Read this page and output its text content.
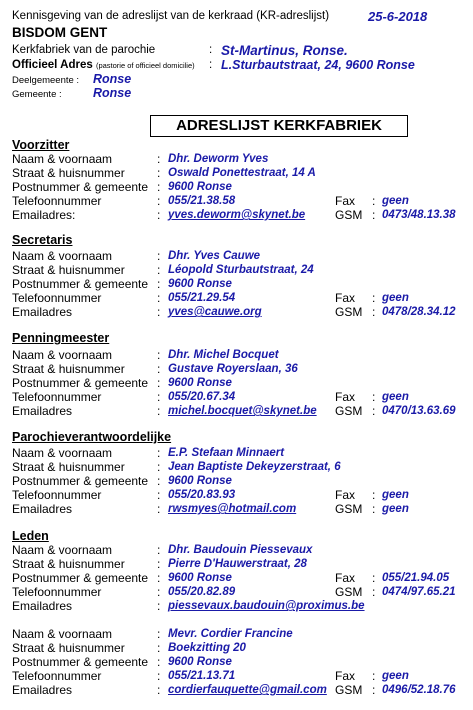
Kennisgeving van de adreslijst van de kerkraad (KR-adreslijst)	25-6-2018
BISDOM GENT
Kerkfabriek van de parochie	: St-Martinus, Ronse.
Officieel Adres (pastorie of officieel domicilie) : L.Sturbautstraat, 24, 9600 Ronse
Deelgemeente : Ronse
Gemeente :	Ronse
ADRESLIJST KERKFABRIEK
Voorzitter
Naam & voornaam	: Dhr. Deworm Yves
Straat & huisnummer	: Oswald Ponettestraat, 14 A
Postnummer & gemeente : 9600 Ronse
Telefoonnummer	: 055/21.38.58	Fax : geen
Emailadres:	: yves.deworm@skynet.be GSM : 0473/48.13.38
Secretaris
Naam & voornaam	: Dhr. Yves Cauwe
Straat & huisnummer	: Léopold Sturbautstraat, 24
Postnummer & gemeente : 9600 Ronse
Telefoonnummer	: 055/21.29.54	Fax : geen
Emailadres	: yves@cauwe.org	GSM : 0478/28.34.12
Penningmeester
Naam & voornaam	: Dhr. Michel Bocquet
Straat & huisnummer	: Gustave Royerslaan, 36
Postnummer & gemeente : 9600 Ronse
Telefoonnummer	: 055/20.67.34	Fax : geen
Emailadres	: michel.bocquet@skynet.be GSM : 0470/13.63.69
Parochieverantwoordelijke
Naam & voornaam	: E.P. Stefaan Minnaert
Straat & huisnummer	: Jean Baptiste Dekeyzerstraat, 6
Postnummer & gemeente : 9600 Ronse
Telefoonnummer	: 055/20.83.93	Fax : geen
Emailadres	: rwsmyes@hotmail.com	GSM : geen
Leden
Naam & voornaam	: Dhr. Baudouin Piessevaux
Straat & huisnummer	: Pierre D'Hauwerstraat, 28
Postnummer & gemeente : 9600 Ronse	Fax : 055/21.94.05
Telefoonnummer	: 055/20.82.89	GSM : 0474/97.65.21
Emailadres	: piessevaux.baudouin@proximus.be
Naam & voornaam	: Mevr. Cordier Francine
Straat & huisnummer	: Boekzitting 20
Postnummer & gemeente : 9600 Ronse
Telefoonnummer	: 055/21.13.71	Fax : geen
Emailadres	: cordierfauquette@gmail.com GSM : 0496/52.18.76
